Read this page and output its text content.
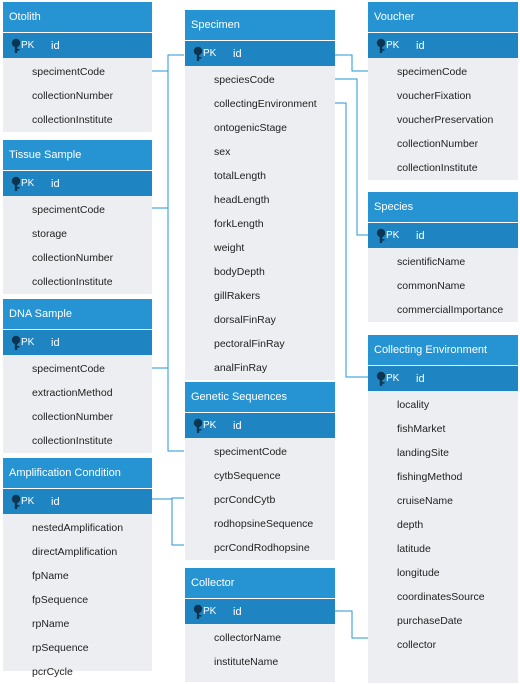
Otolith
PK	id
specimentCode
collectionNumber
collectionInstitute
Tissue Sample
PK	id
specimentCode
storage
collectionNumber
collectionInstitute
DNA Sample
PK	id
specimentCode
extractionMethod
collectionNumber
collectionInstitute
Amplification Condition
PK	id
nestedAmplification
directAmplification
fpName
fpSequence
rpName
rpSequence
pcrCycle
Specimen
PK	id
speciesCode
collectingEnvironment
ontogenicStage
sex
totalLength
headLength
forkLength
weight
bodyDepth
gillRakers
dorsalFinRay
pectoralFinRay
analFinRay
Genetic Sequences
PK	id
specimentCode
cytbSequence
pcrCondCytb
rodhopsineSequence
pcrCondRodhopsine
Collector
PK	id
collectorName
instituteName
Voucher
PK	id
specimenCode
voucherFixation
voucherPreservation
collectionNumber
collectionInstitute
Species
PK	id
scientificName
commonName
commercialImportance
Collecting Environment
PK	id
locality
fishMarket
landingSite
fishingMethod
cruiseName
depth
latitude
longitude
coordinatesSource
purchaseDate
collector
